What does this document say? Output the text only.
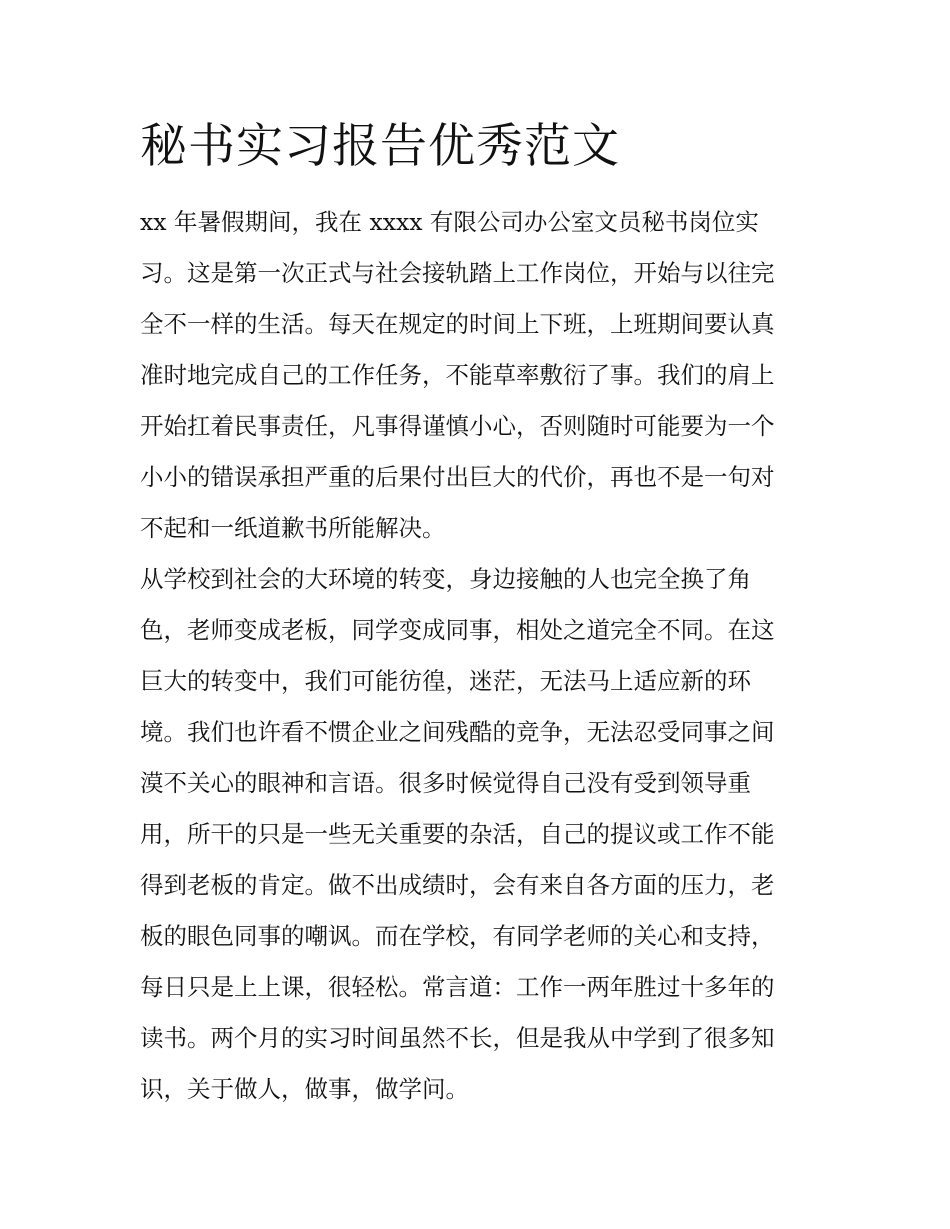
秘书实习报告优秀范文
xx 年暑假期间，我在 xxxx 有限公司办公室文员秘书岗位实
习。这是第一次正式与社会接轨踏上工作岗位，开始与以往完
全不一样的生活。每天在规定的时间上下班，上班期间要认真
准时地完成自己的工作任务，不能草率敷衍了事。我们的肩上
开始扛着民事责任，凡事得谨慎小心，否则随时可能要为一个
小小的错误承担严重的后果付出巨大的代价，再也不是一句对
不起和一纸道歉书所能解决。
从学校到社会的大环境的转变，身边接触的人也完全换了角
色，老师变成老板，同学变成同事，相处之道完全不同。在这
巨大的转变中，我们可能彷徨，迷茫，无法马上适应新的环
境。我们也许看不惯企业之间残酷的竞争，无法忍受同事之间
漠不关心的眼神和言语。很多时候觉得自己没有受到领导重
用，所干的只是一些无关重要的杂活，自己的提议或工作不能
得到老板的肯定。做不出成绩时，会有来自各方面的压力，老
板的眼色同事的嘲讽。而在学校，有同学老师的关心和支持，
每日只是上上课，很轻松。常言道：工作一两年胜过十多年的
读书。两个月的实习时间虽然不长，但是我从中学到了很多知
识，关于做人，做事，做学问。
